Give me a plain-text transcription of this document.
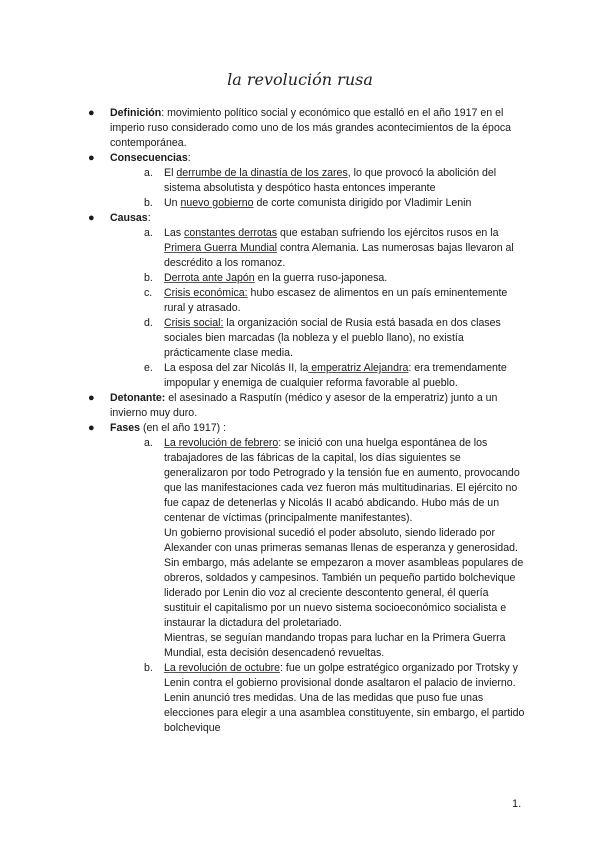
la revolución rusa
● Definición: movimiento político social y económico que estalló en el año 1917 en el imperio ruso considerado como uno de los más grandes acontecimientos de la época contemporánea.
● Consecuencias:
a. El derrumbe de la dinastía de los zares, lo que provocó la abolición del sistema absolutista y despótico hasta entonces imperante
b. Un nuevo gobierno de corte comunista dirigido por Vladimir Lenin
● Causas:
a. Las constantes derrotas que estaban sufriendo los ejércitos rusos en la Primera Guerra Mundial contra Alemania. Las numerosas bajas llevaron al descrédito a los romanoz.
b. Derrota ante Japón en la guerra ruso-japonesa.
c. Crisis económica: hubo escasez de alimentos en un país eminentemente rural y atrasado.
d. Crisis social: la organización social de Rusia está basada en dos clases sociales bien marcadas (la nobleza y el pueblo llano), no existía prácticamente clase media.
e. La esposa del zar Nicolás II, la emperatriz Alejandra: era tremendamente impopular y enemiga de cualquier reforma favorable al pueblo.
● Detonante: el asesinado a Rasputín (médico y asesor de la emperatriz) junto a un invierno muy duro.
● Fases (en el año 1917) :
a. La revolución de febrero: se inició con una huelga espontánea de los trabajadores de las fábricas de la capital, los días siguientes se generalizaron por todo Petrogrado y la tensión fue en aumento, provocando que las manifestaciones cada vez fueron más multitudinarias. El ejército no fue capaz de detenerlas y Nicolás II acabó abdicando. Hubo más de un centenar de víctimas (principalmente manifestantes).
Un gobierno provisional sucedió el poder absoluto, siendo liderado por Alexander con unas primeras semanas llenas de esperanza y generosidad.
Sin embargo, más adelante se empezaron a mover asambleas populares de obreros, soldados y campesinos. También un pequeño partido bolchevique liderado por Lenin dio voz al creciente descontento general, él quería sustituir el capitalismo por un nuevo sistema socioeconómico socialista e instaurar la dictadura del proletariado.
Mientras, se seguían mandando tropas para luchar en la Primera Guerra Mundial, esta decisión desencadenó revueltas.
b. La revolución de octubre: fue un golpe estratégico organizado por Trotsky y Lenin contra el gobierno provisional donde asaltaron el palacio de invierno. Lenin anunció tres medidas. Una de las medidas que puso fue unas elecciones para elegir a una asamblea constituyente, sin embargo, el partido bolchevique
1.
